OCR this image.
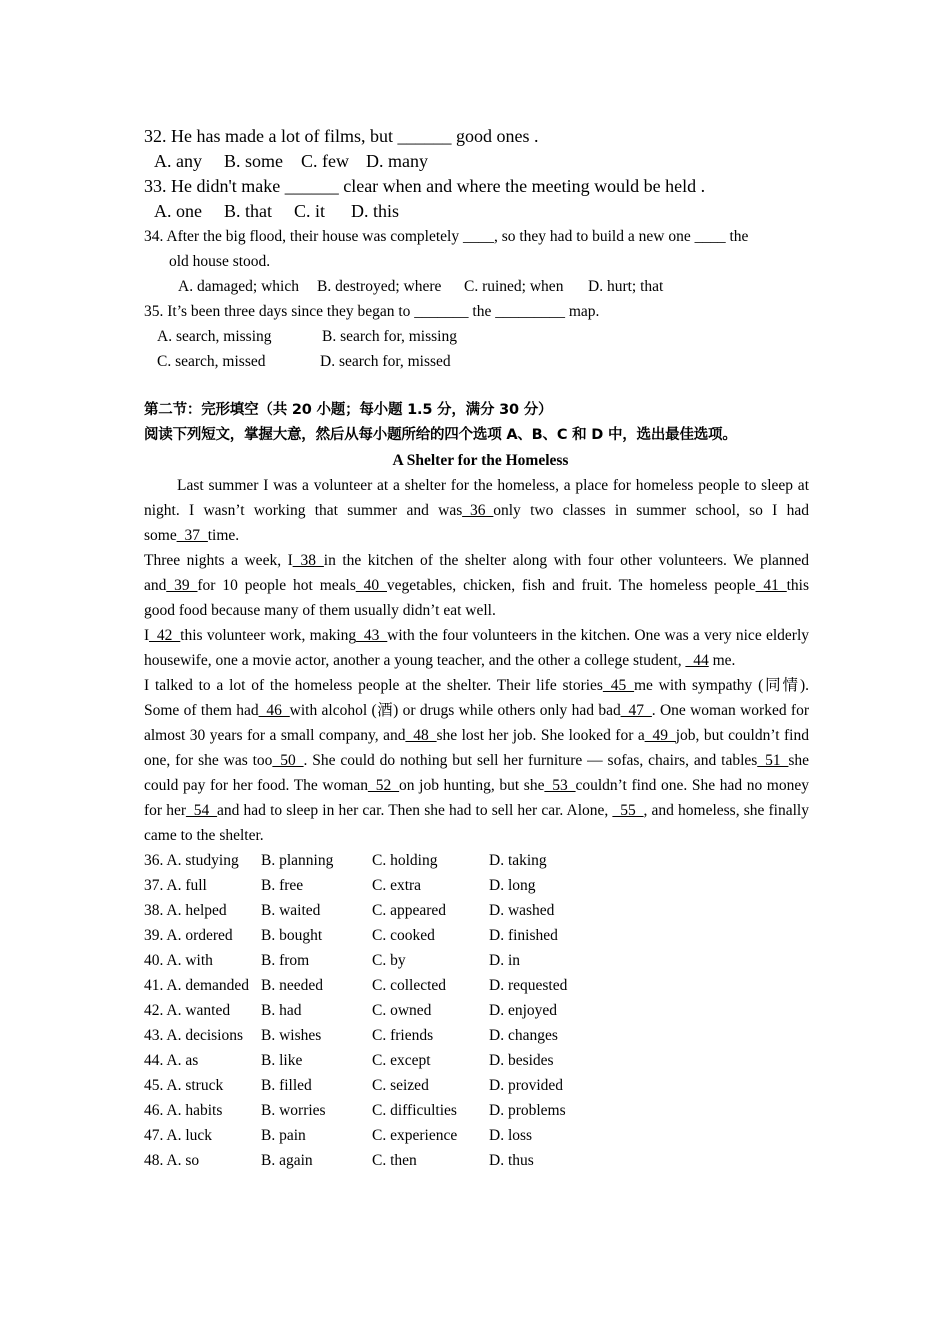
32. He has made a lot of films, but ______ good ones .
A. any B. some C. few D. many
33. He didn't make ______ clear when and where the meeting would be held .
A. one B. that C. it D. this
34. After the big flood, their house was completely ____, so they had to build a new one ____ the
old house stood.
A. damaged; which B. destroyed; where C. ruined; when D. hurt; that
35. It’s been three days since they began to _______ the _________ map.
A. search, missing	B. search for, missing
C. search, missed	D. search for, missed
第二节：完形填空（共 20 小题；每小题 1.5 分，满分 30 分）
阅读下列短文，掌握大意，然后从每小题所给的四个选项 A、B、C 和 D 中，选出最佳选项。
A Shelter for the Homeless
Last summer I was a volunteer at a shelter for the homeless, a place for homeless people to sleep at night. I wasn’t working that summer and was_36_only two classes in summer school, so I had some_37_time.
Three nights a week, I_38_in the kitchen of the shelter along with four other volunteers. We planned and_39_for 10 people hot meals_40_vegetables, chicken, fish and fruit. The homeless people_41_this good food because many of them usually didn’t eat well.
I_42_this volunteer work, making_43_with the four volunteers in the kitchen. One was a very nice elderly housewife, one a movie actor, another a young teacher, and the other a college student, _44 me.
I talked to a lot of the homeless people at the shelter. Their life stories_45_me with sympathy (同情). Some of them had_46_with alcohol (酒) or drugs while others only had bad_47_. One woman worked for almost 30 years for a small company, and_48_she lost her job. She looked for a_49_job, but couldn’t find one, for she was too_50_. She could do nothing but sell her furniture — sofas, chairs, and tables_51_she could pay for her food. The woman_52_on job hunting, but she_53_couldn’t find one. She had no money for her_54_and had to sleep in her car. Then she had to sell her car. Alone, _55_, and homeless, she finally came to the shelter.
36. A. studying B. planning C. holding	D. taking
37. A. full	B. free	C. extra	D. long
38. A. helped B. waited	C. appeared	D. washed
39. A. ordered B. bought	C. cooked	D. finished
40. A. with	B. from	C. by	D. in
41. A. demanded B. needed	C. collected	D. requested
42. A. wanted B. had	C. owned	D. enjoyed
43. A. decisions B. wishes	C. friends	D. changes
44. A. as	B. like	C. except	D. besides
45. A. struck B. filled	C. seized	D. provided
46. A. habits B. worries	C. difficulties D. problems
47. A. luck	B. pain	C. experience D. loss
48. A. so	B. again	C. then	D. thus
